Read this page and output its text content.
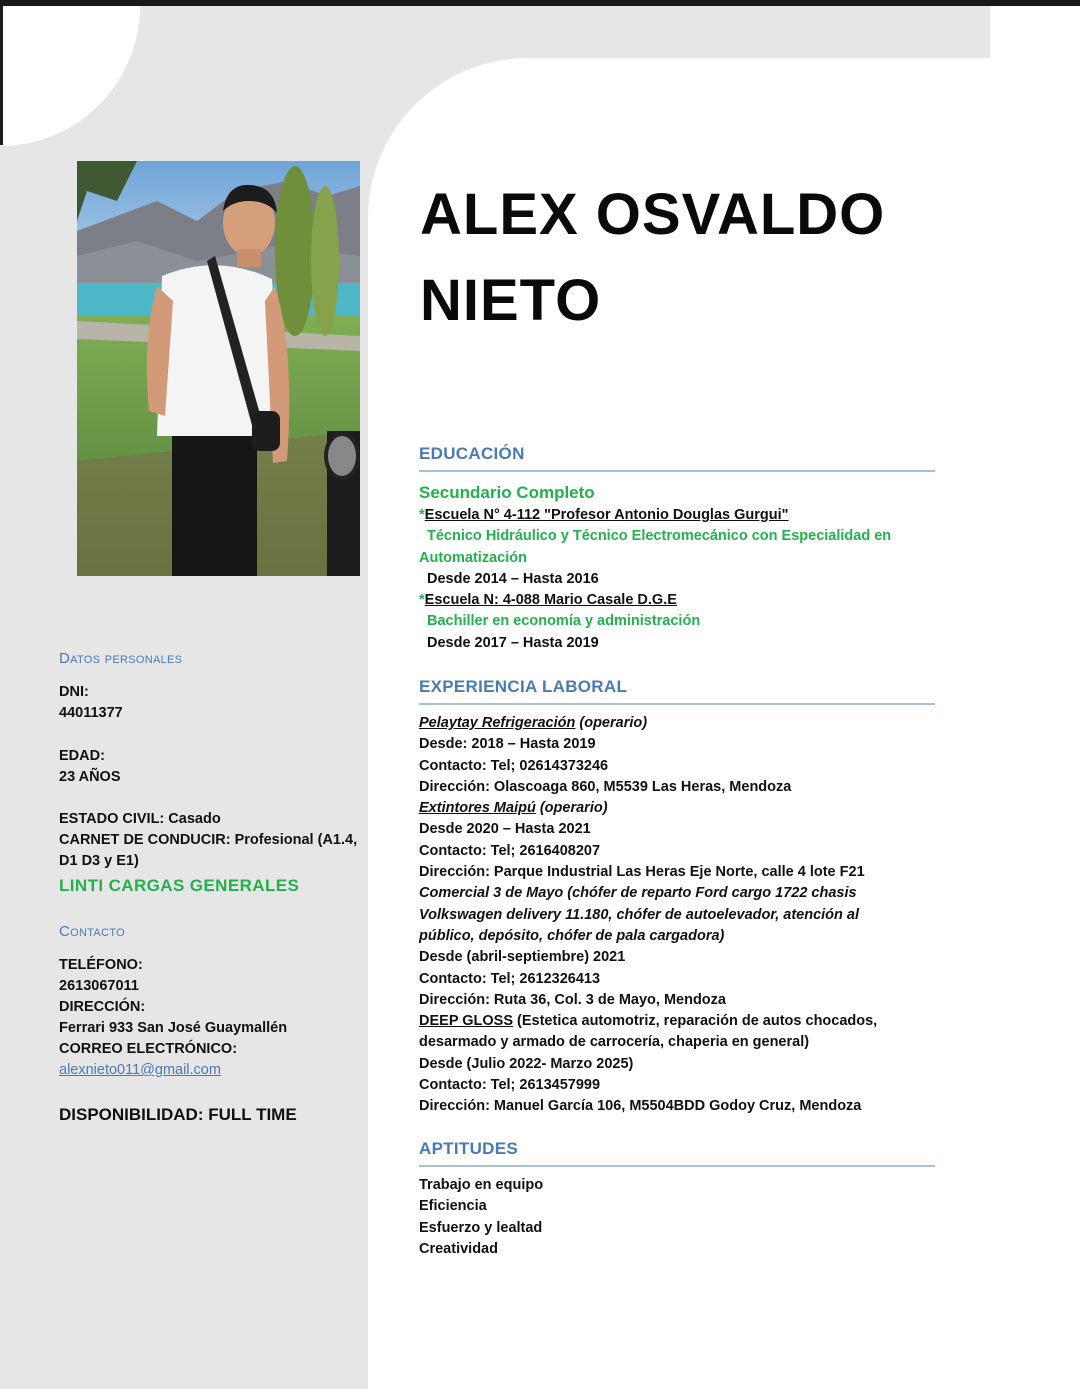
ALEX OSVALDO
NIETO
Datos personales
DNI:
44011377
EDAD:
23 AÑOS
ESTADO CIVIL: Casado
CARNET DE CONDUCIR: Profesional (A1.4, D1 D3 y E1)
LINTI CARGAS GENERALES
Contacto
TELÉFONO:
2613067011
DIRECCIÓN:
Ferrari 933 San José Guaymallén
CORREO ELECTRÓNICO:
alexnieto011@gmail.com
DISPONIBILIDAD: FULL TIME
EDUCACIÓN
Secundario Completo
*Escuela N° 4-112 "Profesor Antonio Douglas Gurgui"
Técnico Hidráulico y Técnico Electromecánico con Especialidad en Automatización
Desde 2014 – Hasta 2016
*Escuela N: 4-088 Mario Casale D.G.E
Bachiller en economía y administración
Desde 2017 – Hasta 2019
EXPERIENCIA LABORAL
Pelaytay Refrigeración (operario)
Desde: 2018 – Hasta 2019
Contacto: Tel; 02614373246
Dirección: Olascoaga 860, M5539 Las Heras, Mendoza
Extintores Maipú (operario)
Desde 2020 – Hasta 2021
Contacto: Tel; 2616408207
Dirección: Parque Industrial Las Heras Eje Norte, calle 4 lote F21
Comercial 3 de Mayo (chófer de reparto Ford cargo 1722 chasis Volkswagen delivery 11.180, chófer de autoelevador, atención al público, depósito, chófer de pala cargadora)
Desde (abril-septiembre) 2021
Contacto: Tel; 2612326413
Dirección: Ruta 36, Col. 3 de Mayo, Mendoza
DEEP GLOSS (Estetica automotriz, reparación de autos chocados, desarmado y armado de carrocería, chaperia en general)
Desde (Julio 2022- Marzo 2025)
Contacto: Tel; 2613457999
Dirección: Manuel García 106, M5504BDD Godoy Cruz, Mendoza
APTITUDES
Trabajo en equipo
Eficiencia
Esfuerzo y lealtad
Creatividad
